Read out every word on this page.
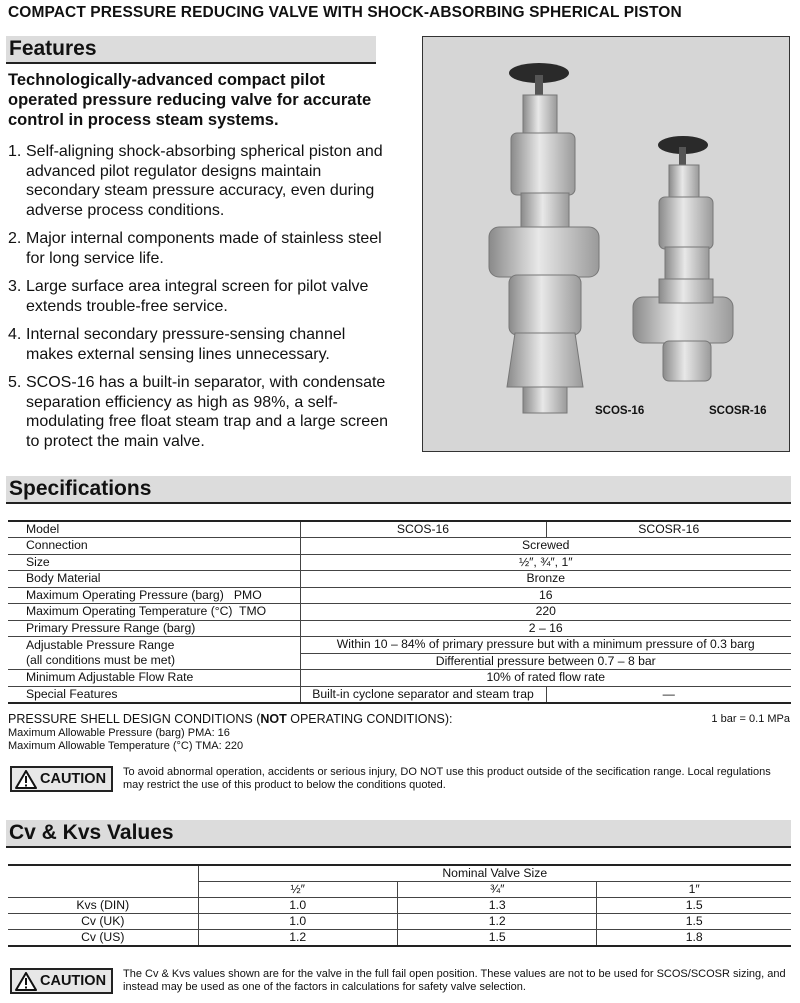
COMPACT PRESSURE REDUCING VALVE WITH SHOCK-ABSORBING SPHERICAL PISTON
Features
Technologically-advanced compact pilot operated pressure reducing valve for accurate control in process steam systems.
1. Self-aligning shock-absorbing spherical piston and advanced pilot regulator designs maintain secondary steam pressure accuracy, even during adverse process conditions.
2. Major internal components made of stainless steel for long service life.
3. Large surface area integral screen for pilot valve extends trouble-free service.
4. Internal secondary pressure-sensing channel makes external sensing lines unnecessary.
5. SCOS-16 has a built-in separator, with condensate separation efficiency as high as 98%, a self-modulating free float steam trap and a large screen to protect the main valve.
SCOS-16	SCOSR-16
Specifications
Model	SCOS-16	SCOSR-16
Connection	Screwed	
Size	½″, ¾″, 1″	
Body Material	Bronze	
Maximum Operating Pressure (barg)   PMO	16	
Maximum Operating Temperature (°C)  TMO	220	
Primary Pressure Range (barg)	2 – 16	

Adjustable Pressure Range
(all conditions must be met)	Within 10 – 84% of primary pressure but with a minimum pressure of 0.3 barg	
	Differential pressure between 0.7 – 8 bar	
Minimum Adjustable Flow Rate	10% of rated flow rate	
Special Features	Built-in cyclone separator and steam trap	—
PRESSURE SHELL DESIGN CONDITIONS (NOT OPERATING CONDITIONS):
Maximum Allowable Pressure (barg) PMA: 16
Maximum Allowable Temperature (°C) TMA: 220
1 bar = 0.1 MPa
CAUTION To avoid abnormal operation, accidents or serious injury, DO NOT use this product outside of the secification range. Local regulations may restrict the use of this product to below the conditions quoted.
Cv & Kvs Values
	Nominal Valve Size		
	½″	¾″	1″
Kvs (DIN)	1.0	1.3	1.5
Cv (UK)	1.0	1.2	1.5
Cv (US)	1.2	1.5	1.8
CAUTION The Cv & Kvs values shown are for the valve in the full fail open position. These values are not to be used for SCOS/SCOSR sizing, and instead may be used as one of the factors in calculations for safety valve selection.
